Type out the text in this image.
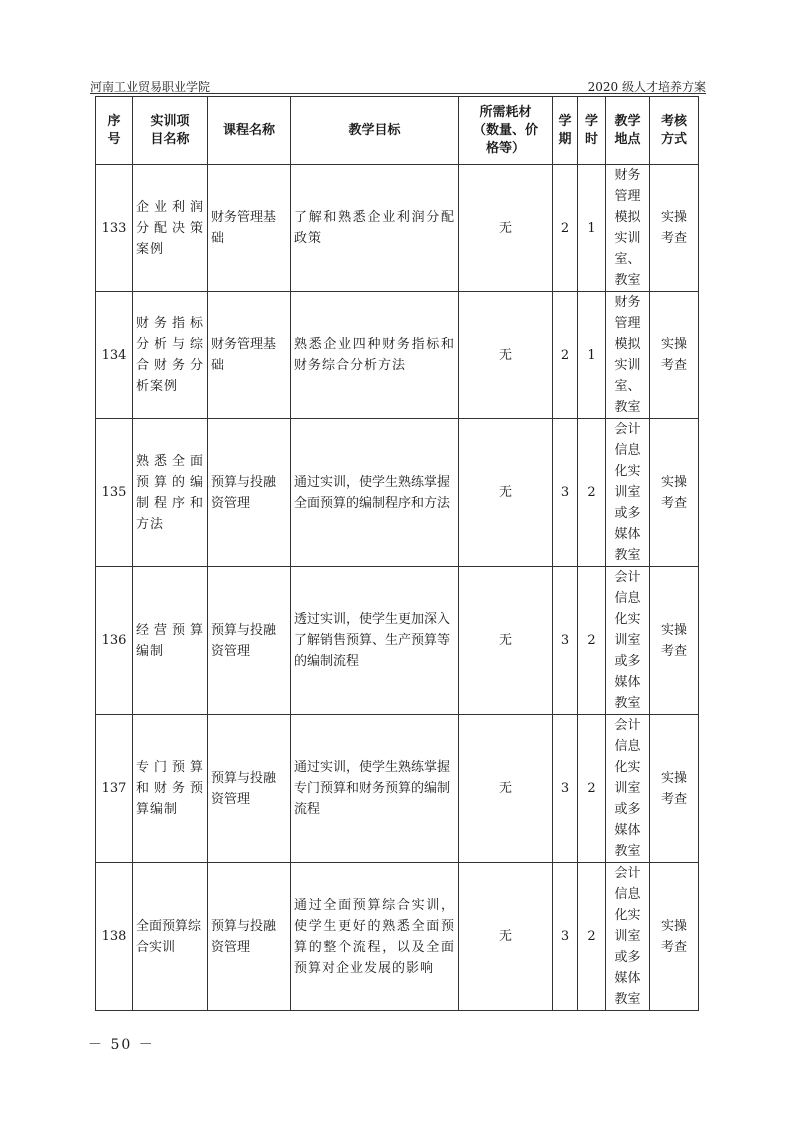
河南工业贸易职业学院	2020 级人才培养方案
序号	实训项目名称	课程名称	教学目标	所需耗材（数量、价格等）	学期	学时	教学地点	考核方式
133	企业利润分配决策案例	财务管理基础	了解和熟悉企业利润分配政策	无	2	1	财务管理模拟实训室、教室	实操考查
134	财务指标分析与综合财务分析案例	财务管理基础	熟悉企业四种财务指标和财务综合分析方法	无	2	1	财务管理模拟实训室、教室	实操考查
135	熟悉全面预算的编制程序和方法	预算与投融资管理	通过实训，使学生熟练掌握全面预算的编制程序和方法	无	3	2	会计信息化实训室或多媒体教室	实操考查
136	经营预算编制	预算与投融资管理	透过实训，使学生更加深入了解销售预算、生产预算等的编制流程	无	3	2	会计信息化实训室或多媒体教室	实操考查
137	专门预算和财务预算编制	预算与投融资管理	通过实训，使学生熟练掌握专门预算和财务预算的编制流程	无	3	2	会计信息化实训室或多媒体教室	实操考查
138	全面预算综合实训	预算与投融资管理	通过全面预算综合实训，使学生更好的熟悉全面预算的整个流程，以及全面预算对企业发展的影响	无	3	2	会计信息化实训室或多媒体教室	实操考查
－ 50 －
